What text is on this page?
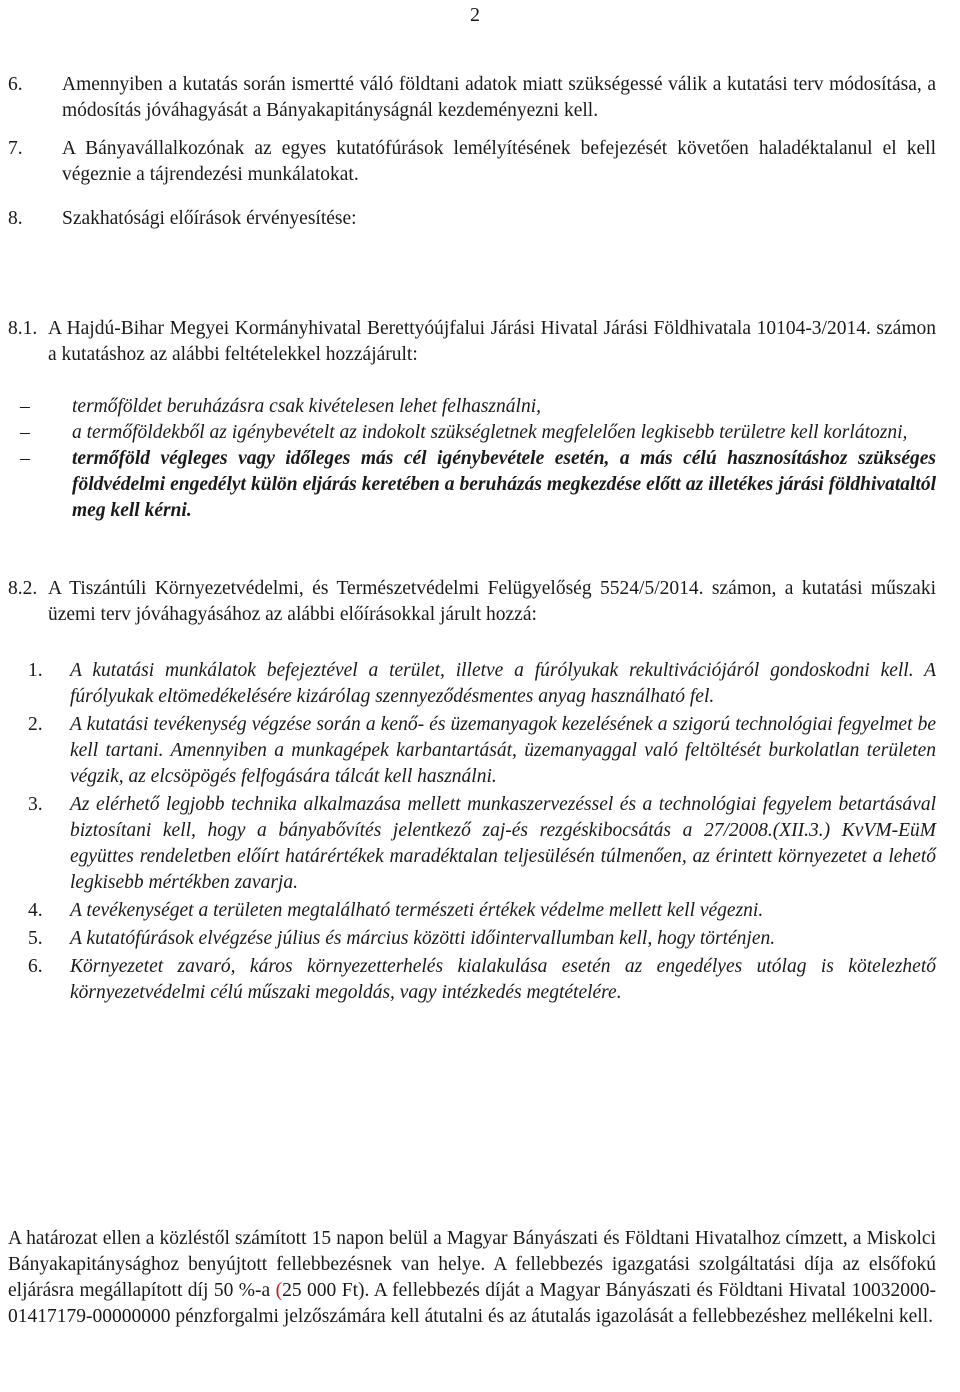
2
6.	Amennyiben a kutatás során ismertté váló földtani adatok miatt szükségessé válik a kutatási terv módosítása, a módosítás jóváhagyását a Bányakapitányságnál kezdeményezni kell.
7.	A Bányavállalkozónak az egyes kutatófúrások lemélyítésének befejezését követően haladéktalanul el kell végeznie a tájrendezési munkálatokat.
8.	Szakhatósági előírások érvényesítése:
8.1. A Hajdú-Bihar Megyei Kormányhivatal Berettyóújfalui Járási Hivatal Járási Földhivatala 10104-3/2014. számon a kutatáshoz az alábbi feltételekkel hozzájárult:
–	termőföldet beruházásra csak kivételesen lehet felhasználni,
–	a termőföldekből az igénybevételt az indokolt szükségletnek megfelelően legkisebb területre kell korlátozni,
–	termőföld végleges vagy időleges más cél igénybevétele esetén, a más célú hasznosításhoz szükséges földvédelmi engedélyt külön eljárás keretében a beruházás megkezdése előtt az illetékes járási földhivataltól meg kell kérni.
8.2. A Tiszántúli Környezetvédelmi, és Természetvédelmi Felügyelőség 5524/5/2014. számon, a kutatási műszaki üzemi terv jóváhagyásához az alábbi előírásokkal járult hozzá:
1.	A kutatási munkálatok befejeztével a terület, illetve a fúrólyukak rekultivációjáról gondoskodni kell. A fúrólyukak eltömedékelésére kizárólag szennyeződésmentes anyag használható fel.
2.	A kutatási tevékenység végzése során a kenő- és üzemanyagok kezelésének a szigorú technológiai fegyelmet be kell tartani. Amennyiben a munkagépek karbantartását, üzemanyaggal való feltöltését burkolatlan területen végzik, az elcsöpögés felfogására tálcát kell használni.
3.	Az elérhető legjobb technika alkalmazása mellett munkaszervezéssel és a technológiai fegyelem betartásával biztosítani kell, hogy a bányabővítés jelentkező zaj-és rezgéskibocsátás a 27/2008.(XII.3.) KvVM-EüM együttes rendeletben előírt határértékek maradéktalan teljesülésén túlmenően, az érintett környezetet a lehető legkisebb mértékben zavarja.
4.	A tevékenységet a területen megtalálható természeti értékek védelme mellett kell végezni.
5.	A kutatófúrások elvégzése július és március közötti időintervallumban kell, hogy történjen.
6.	Környezetet zavaró, káros környezetterhelés kialakulása esetén az engedélyes utólag is kötelezhető környezetvédelmi célú műszaki megoldás, vagy intézkedés megtételére.
A határozat ellen a közléstől számított 15 napon belül a Magyar Bányászati és Földtani Hivatalhoz címzett, a Miskolci Bányakapitánysághoz benyújtott fellebbezésnek van helye. A fellebbezés igazgatási szolgáltatási díja az elsőfokú eljárásra megállapított díj 50 %-a (25 000 Ft). A fellebbezés díját a Magyar Bányászati és Földtani Hivatal 10032000-01417179-00000000 pénzforgalmi jelzőszámára kell átutalni és az átutalás igazolását a fellebbezéshez mellékelni kell.
